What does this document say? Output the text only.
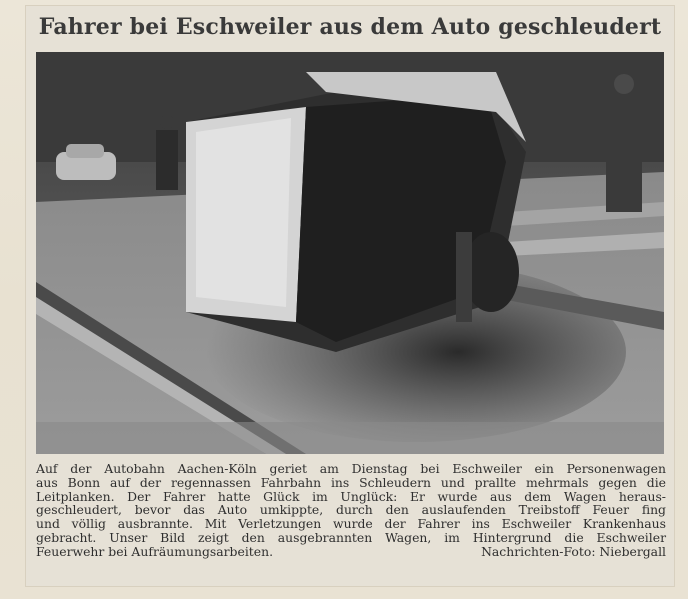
Fahrer bei Eschweiler aus dem Auto geschleudert
Auf der Autobahn Aachen-Köln geriet am Dienstag bei Eschweiler ein Personenwagen
aus Bonn auf der regennassen Fahrbahn ins Schleudern und prallte mehrmals gegen die
Leitplanken. Der Fahrer hatte Glück im Unglück: Er wurde aus dem Wagen heraus-
geschleudert, bevor das Auto umkippte, durch den auslaufenden Treibstoff Feuer fing
und völlig ausbrannte. Mit Verletzungen wurde der Fahrer ins Eschweiler Krankenhaus
gebracht. Unser Bild zeigt den ausgebrannten Wagen, im Hintergrund die Eschweiler
Feuerwehr bei Aufräumungsarbeiten.	Nachrichten-Foto: Niebergall
